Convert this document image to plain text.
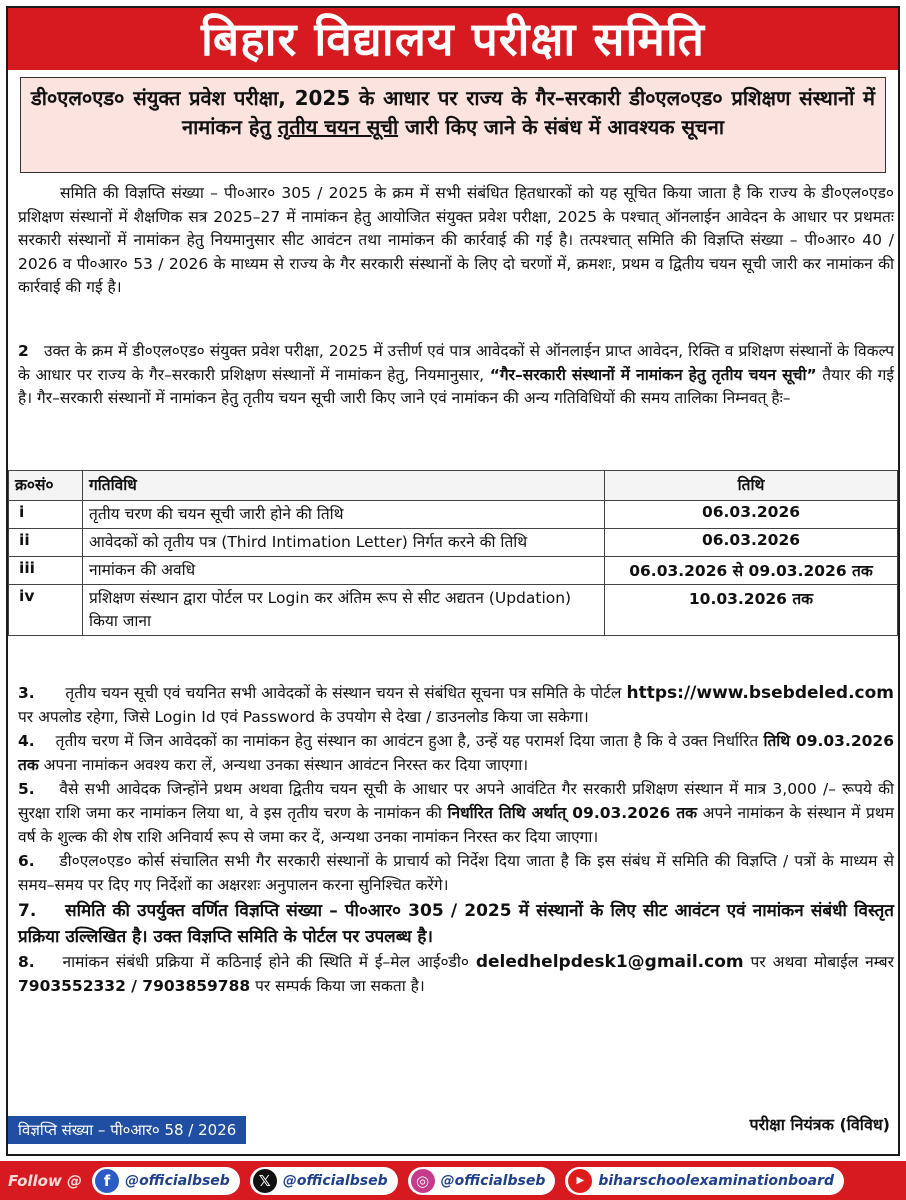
बिहार विद्यालय परीक्षा समिति
डी०एल०एड० संयुक्त प्रवेश परीक्षा, 2025 के आधार पर राज्य के गैर–सरकारी डी०एल०एड० प्रशिक्षण संस्थानों में नामांकन हेतु तृतीय चयन सूची जारी किए जाने के संबंध में आवश्यक सूचना
समिति की विज्ञप्ति संख्या – पी०आर० 305 / 2025 के क्रम में सभी संबंधित हितधारकों को यह सूचित किया जाता है कि राज्य के डी०एल०एड० प्रशिक्षण संस्थानों में शैक्षणिक सत्र 2025–27 में नामांकन हेतु आयोजित संयुक्त प्रवेश परीक्षा, 2025 के पश्चात् ऑनलाईन आवेदन के आधार पर प्रथमतः सरकारी संस्थानों में नामांकन हेतु नियमानुसार सीट आवंटन तथा नामांकन की कार्रवाई की गई है। तत्पश्चात् समिति की विज्ञप्ति संख्या – पी०आर० 40 / 2026 व पी०आर० 53 / 2026 के माध्यम से राज्य के गैर सरकारी संस्थानों के लिए दो चरणों में, क्रमशः, प्रथम व द्वितीय चयन सूची जारी कर नामांकन की कार्रवाई की गई है।
2 उक्त के क्रम में डी०एल०एड० संयुक्त प्रवेश परीक्षा, 2025 में उत्तीर्ण एवं पात्र आवेदकों से ऑनलाईन प्राप्त आवेदन, रिक्ति व प्रशिक्षण संस्थानों के विकल्प के आधार पर राज्य के गैर–सरकारी प्रशिक्षण संस्थानों में नामांकन हेतु, नियमानुसार, “गैर–सरकारी संस्थानों में नामांकन हेतु तृतीय चयन सूची” तैयार की गई है। गैर–सरकारी संस्थानों में नामांकन हेतु तृतीय चयन सूची जारी किए जाने एवं नामांकन की अन्य गतिविधियों की समय तालिका निम्नवत् हैः–
क्र०सं०	गतिविधि	तिथि
i	तृतीय चरण की चयन सूची जारी होने की तिथि	06.03.2026
ii	आवेदकों को तृतीय पत्र (Third Intimation Letter) निर्गत करने की तिथि	06.03.2026
iii	नामांकन की अवधि	06.03.2026 से 09.03.2026 तक
iv	प्रशिक्षण संस्थान द्वारा पोर्टल पर Login कर अंतिम रूप से सीट अद्यतन (Updation) किया जाना	10.03.2026 तक

3. तृतीय चयन सूची एवं चयनित सभी आवेदकों के संस्थान चयन से संबंधित सूचना पत्र समिति के पोर्टल https://www.bsebdeled.com पर अपलोड रहेगा, जिसे Login Id एवं Password के उपयोग से देखा / डाउनलोड किया जा सकेगा।

4. तृतीय चरण में जिन आवेदकों का नामांकन हेतु संस्थान का आवंटन हुआ है, उन्हें यह परामर्श दिया जाता है कि वे उक्त निर्धारित तिथि 09.03.2026 तक अपना नामांकन अवश्य करा लें, अन्यथा उनका संस्थान आवंटन निरस्त कर दिया जाएगा।

5. वैसे सभी आवेदक जिन्होंने प्रथम अथवा द्वितीय चयन सूची के आधार पर अपने आवंटित गैर सरकारी प्रशिक्षण संस्थान में मात्र 3,000 /– रूपये की सुरक्षा राशि जमा कर नामांकन लिया था, वे इस तृतीय चरण के नामांकन की निर्धारित तिथि अर्थात् 09.03.2026 तक अपने नामांकन के संस्थान में प्रथम वर्ष के शुल्क की शेष राशि अनिवार्य रूप से जमा कर दें, अन्यथा उनका नामांकन निरस्त कर दिया जाएगा।

6. डी०एल०एड० कोर्स संचालित सभी गैर सरकारी संस्थानों के प्राचार्य को निर्देश दिया जाता है कि इस संबंध में समिति की विज्ञप्ति / पत्रों के माध्यम से समय–समय पर दिए गए निर्देशों का अक्षरशः अनुपालन करना सुनिश्चित करेंगे।

7. समिति की उपर्युक्त वर्णित विज्ञप्ति संख्या – पी०आर० 305 / 2025 में संस्थानों के लिए सीट आवंटन एवं नामांकन संबंधी विस्तृत प्रक्रिया उल्लिखित है। उक्त विज्ञप्ति समिति के पोर्टल पर उपलब्ध है।

8. नामांकन संबंधी प्रक्रिया में कठिनाई होने की स्थिति में ई–मेल आई०डी० deledhelpdesk1@gmail.com पर अथवा मोबाईल नम्बर 7903552332 / 7903859788 पर सम्पर्क किया जा सकता है।

विज्ञप्ति संख्या – पी०आर० 58 / 2026	परीक्षा नियंत्रक (विविध)
Follow @	f	@officialbseb	𝕏 @officialbseb	◎ @officialbseb	▶	biharschoolexaminationboard
